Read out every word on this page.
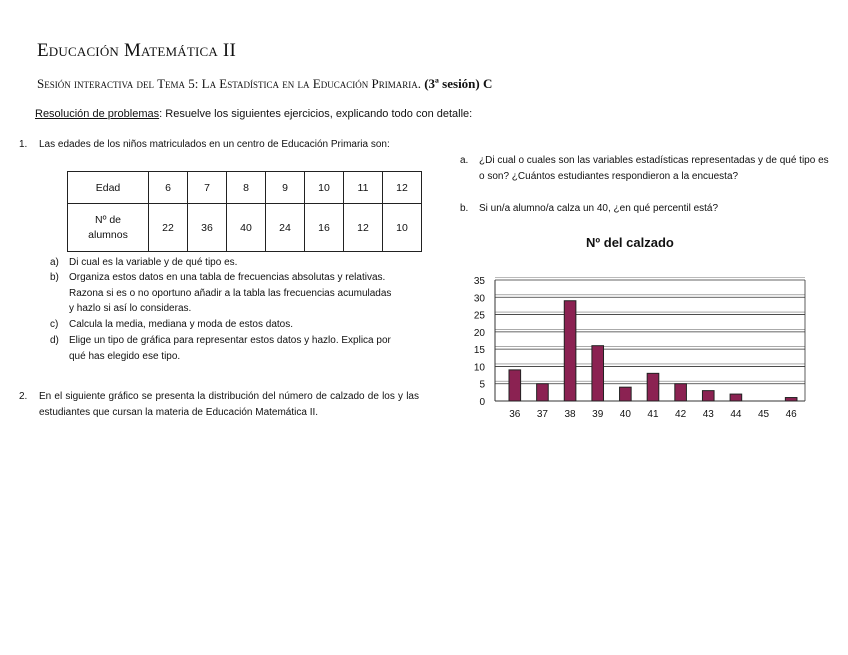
Educación Matemática II
Sesión interactiva del Tema 5: La Estadística en la Educación Primaria. (3ª sesión) C
Resolución de problemas: Resuelve los siguientes ejercicios, explicando todo con detalle:
1. Las edades de los niños matriculados en un centro de Educación Primaria son:
Edad	6	7	8	9	10	11	12
Nº de alumnos	22	36	40	24	16	12	10
a) Di cual es la variable y de qué tipo es.
b) Organiza estos datos en una tabla de frecuencias absolutas y relativas. Razona si es o no oportuno añadir a la tabla las frecuencias acumuladas y hazlo si así lo consideras.
c) Calcula la media, mediana y moda de estos datos.
d) Elige un tipo de gráfica para representar estos datos y hazlo. Explica por qué has elegido ese tipo.
2. En el siguiente gráfico se presenta la distribución del número de calzado de los y las estudiantes que cursan la materia de Educación Matemática II.
a. ¿Di cual o cuales son las variables estadísticas representadas y de qué tipo es o son? ¿Cuántos estudiantes respondieron a la encuesta?
b. Si un/a alumno/a calza un 40, ¿en qué percentil está?
Nº del calzado
0
5
10
15
20
25
30
35
36 37 38 39 40 41 42 43 44 45 46
